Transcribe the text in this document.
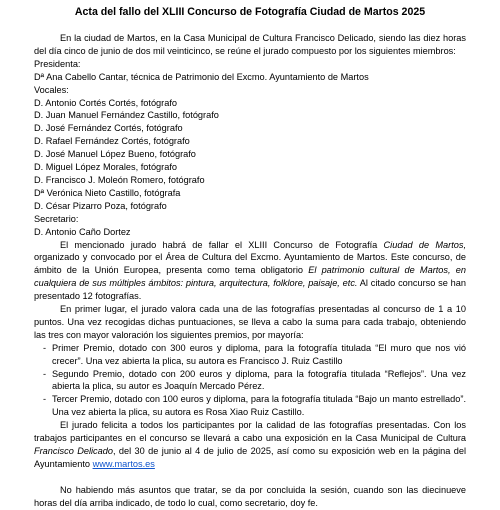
Acta del fallo del XLIII Concurso de Fotografía Ciudad de Martos 2025

En la ciudad de Martos, en la Casa Municipal de Cultura Francisco Delicado, siendo las diez horas del día cinco de junio de dos mil veinticinco, se reúne el jurado compuesto por los siguientes miembros:

Presidenta:

Dª Ana Cabello Cantar, técnica de Patrimonio del Excmo. Ayuntamiento de Martos

Vocales:

D. Antonio Cortés Cortés, fotógrafo

D. Juan Manuel Fernández Castillo, fotógrafo

D. José Fernández Cortés, fotógrafo

D. Rafael Fernández Cortés, fotógrafo

D. José Manuel López Bueno, fotógrafo

D. Miguel López Morales, fotógrafo

D. Francisco J. Moleón Romero, fotógrafo

Dª Verónica Nieto Castillo, fotógrafa

D. César Pizarro Poza, fotógrafo

Secretario:

D. Antonio Caño Dortez

El mencionado jurado habrá de fallar el XLIII Concurso de Fotografía Ciudad de Martos, organizado y convocado por el Área de Cultura del Excmo. Ayuntamiento de Martos. Este concurso, de ámbito de la Unión Europea, presenta como tema obligatorio El patrimonio cultural de Martos, en cualquiera de sus múltiples ámbitos: pintura, arquitectura, folklore, paisaje, etc. Al citado concurso se han presentado 12 fotografías.

En primer lugar, el jurado valora cada una de las fotografías presentadas al concurso de 1 a 10 puntos. Una vez recogidas dichas puntuaciones, se lleva a cabo la suma para cada trabajo, obteniendo las tres con mayor valoración los siguientes premios, por mayoría:

- Primer Premio, dotado con 300 euros y diploma, para la fotografía titulada “El muro que nos vió crecer”. Una vez abierta la plica, su autora es Francisco J. Ruiz Castillo

- Segundo Premio, dotado con 200 euros y diploma, para la fotografía titulada “Reflejos”. Una vez abierta la plica, su autor es Joaquín Mercado Pérez.

- Tercer Premio, dotado con 100 euros y diploma, para la fotografía titulada “Bajo un manto estrellado”. Una vez abierta la plica, su autora es Rosa Xiao Ruiz Castillo.

El jurado felicita a todos los participantes por la calidad de las fotografías presentadas. Con los trabajos participantes en el concurso se llevará a cabo una exposición en la Casa Municipal de Cultura Francisco Delicado, del 30 de junio al 4 de julio de 2025, así como su exposición web en la página del Ayuntamiento www.martos.es

No habiendo más asuntos que tratar, se da por concluida la sesión, cuando son las diecinueve horas del día arriba indicado, de todo lo cual, como secretario, doy fe.
